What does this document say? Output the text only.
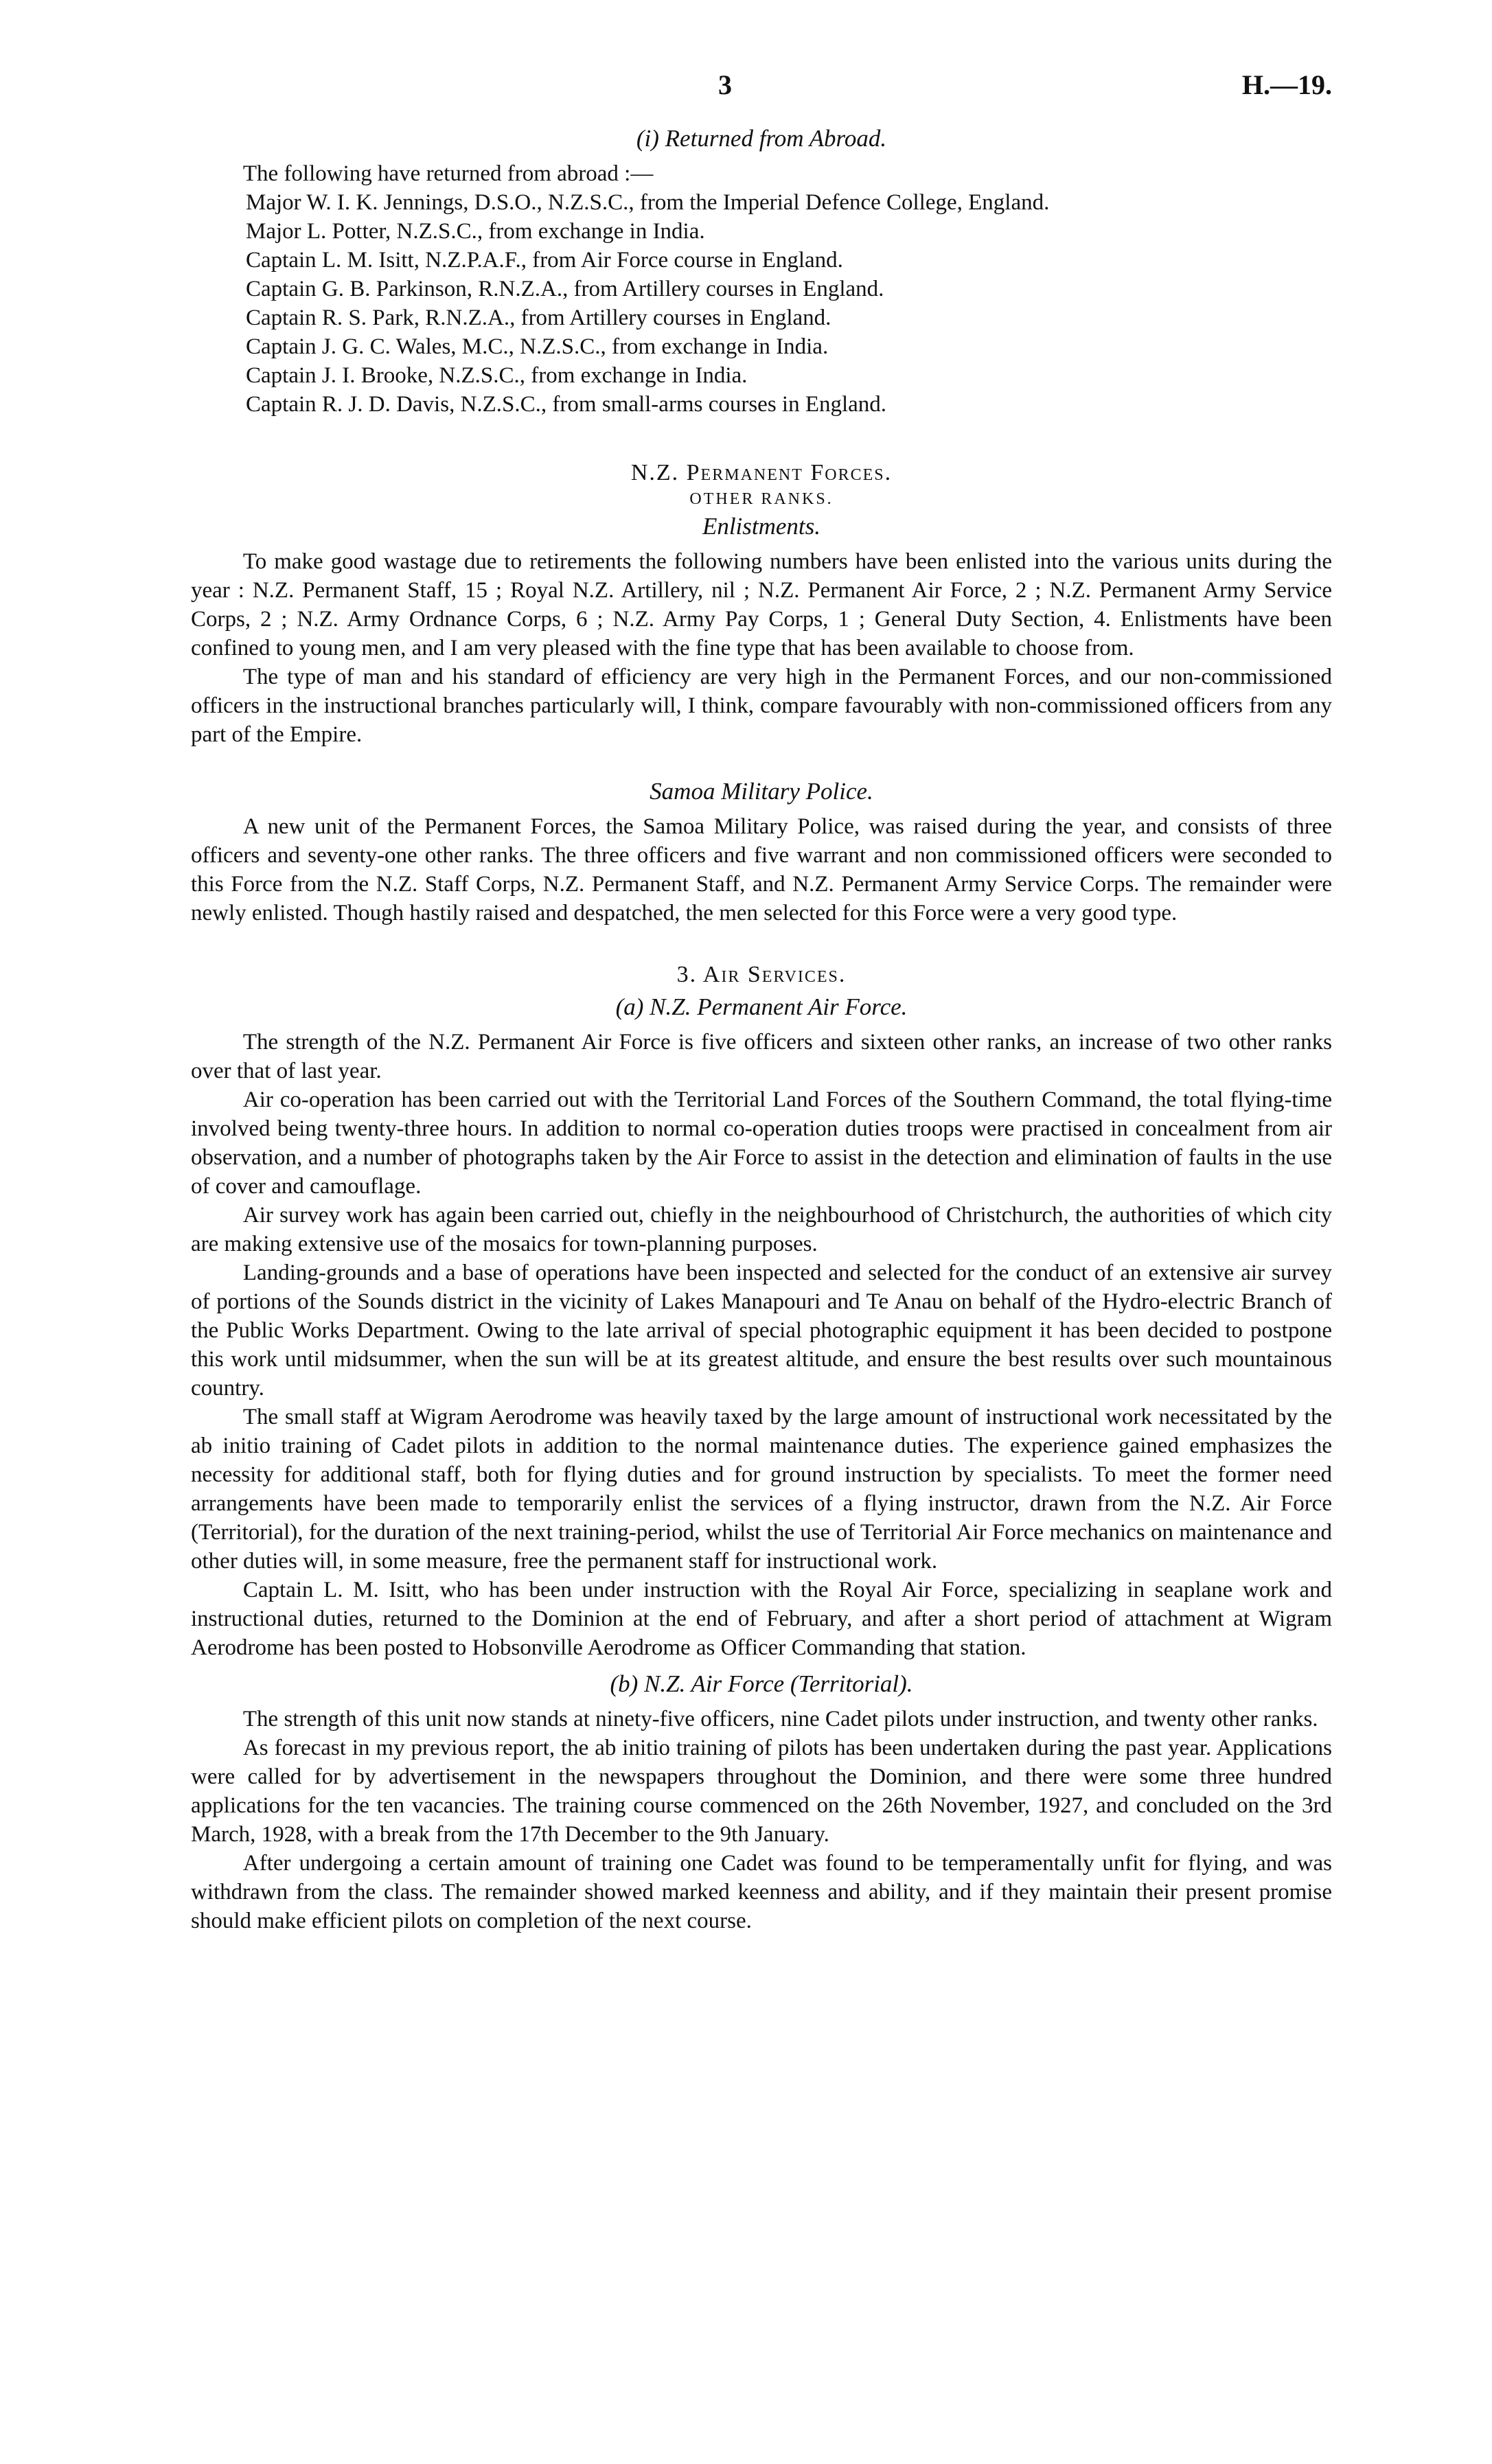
3	H.—19.
(i) Returned from Abroad.

The following have returned from abroad :—

Major W. I. K. Jennings, D.S.O., N.Z.S.C., from the Imperial Defence College, England.
Major L. Potter, N.Z.S.C., from exchange in India.
Captain L. M. Isitt, N.Z.P.A.F., from Air Force course in England.
Captain G. B. Parkinson, R.N.Z.A., from Artillery courses in England.
Captain R. S. Park, R.N.Z.A., from Artillery courses in England.
Captain J. G. C. Wales, M.C., N.Z.S.C., from exchange in India.
Captain J. I. Brooke, N.Z.S.C., from exchange in India.
Captain R. J. D. Davis, N.Z.S.C., from small-arms courses in England.
N.Z. Permanent Forces.
OTHER RANKS.
Enlistments.

To make good wastage due to retirements the following numbers have been enlisted into the various units during the year : N.Z. Permanent Staff, 15 ; Royal N.Z. Artillery, nil ; N.Z. Permanent Air Force, 2 ; N.Z. Permanent Army Service Corps, 2 ; N.Z. Army Ordnance Corps, 6 ; N.Z. Army Pay Corps, 1 ; General Duty Section, 4. Enlistments have been confined to young men, and I am very pleased with the fine type that has been available to choose from.

The type of man and his standard of efficiency are very high in the Permanent Forces, and our non-commissioned officers in the instructional branches particularly will, I think, compare favourably with non-commissioned officers from any part of the Empire.

Samoa Military Police.

A new unit of the Permanent Forces, the Samoa Military Police, was raised during the year, and consists of three officers and seventy-one other ranks. The three officers and five warrant and non commissioned officers were seconded to this Force from the N.Z. Staff Corps, N.Z. Permanent Staff, and N.Z. Permanent Army Service Corps. The remainder were newly enlisted. Though hastily raised and despatched, the men selected for this Force were a very good type.

3. Air Services.
(a) N.Z. Permanent Air Force.

The strength of the N.Z. Permanent Air Force is five officers and sixteen other ranks, an increase of two other ranks over that of last year.

Air co-operation has been carried out with the Territorial Land Forces of the Southern Command, the total flying-time involved being twenty-three hours. In addition to normal co-operation duties troops were practised in concealment from air observation, and a number of photographs taken by the Air Force to assist in the detection and elimination of faults in the use of cover and camouflage.

Air survey work has again been carried out, chiefly in the neighbourhood of Christchurch, the authorities of which city are making extensive use of the mosaics for town-planning purposes.

Landing-grounds and a base of operations have been inspected and selected for the conduct of an extensive air survey of portions of the Sounds district in the vicinity of Lakes Manapouri and Te Anau on behalf of the Hydro-electric Branch of the Public Works Department. Owing to the late arrival of special photographic equipment it has been decided to postpone this work until midsummer, when the sun will be at its greatest altitude, and ensure the best results over such mountainous country.

The small staff at Wigram Aerodrome was heavily taxed by the large amount of instructional work necessitated by the ab initio training of Cadet pilots in addition to the normal maintenance duties. The experience gained emphasizes the necessity for additional staff, both for flying duties and for ground instruction by specialists. To meet the former need arrangements have been made to temporarily enlist the services of a flying instructor, drawn from the N.Z. Air Force (Territorial), for the duration of the next training-period, whilst the use of Territorial Air Force mechanics on maintenance and other duties will, in some measure, free the permanent staff for instructional work.

Captain L. M. Isitt, who has been under instruction with the Royal Air Force, specializing in seaplane work and instructional duties, returned to the Dominion at the end of February, and after a short period of attachment at Wigram Aerodrome has been posted to Hobsonville Aerodrome as Officer Commanding that station.

(b) N.Z. Air Force (Territorial).

The strength of this unit now stands at ninety-five officers, nine Cadet pilots under instruction, and twenty other ranks.

As forecast in my previous report, the ab initio training of pilots has been undertaken during the past year. Applications were called for by advertisement in the newspapers throughout the Dominion, and there were some three hundred applications for the ten vacancies. The training course commenced on the 26th November, 1927, and concluded on the 3rd March, 1928, with a break from the 17th December to the 9th January.

After undergoing a certain amount of training one Cadet was found to be temperamentally unfit for flying, and was withdrawn from the class. The remainder showed marked keenness and ability, and if they maintain their present promise should make efficient pilots on completion of the next course.
